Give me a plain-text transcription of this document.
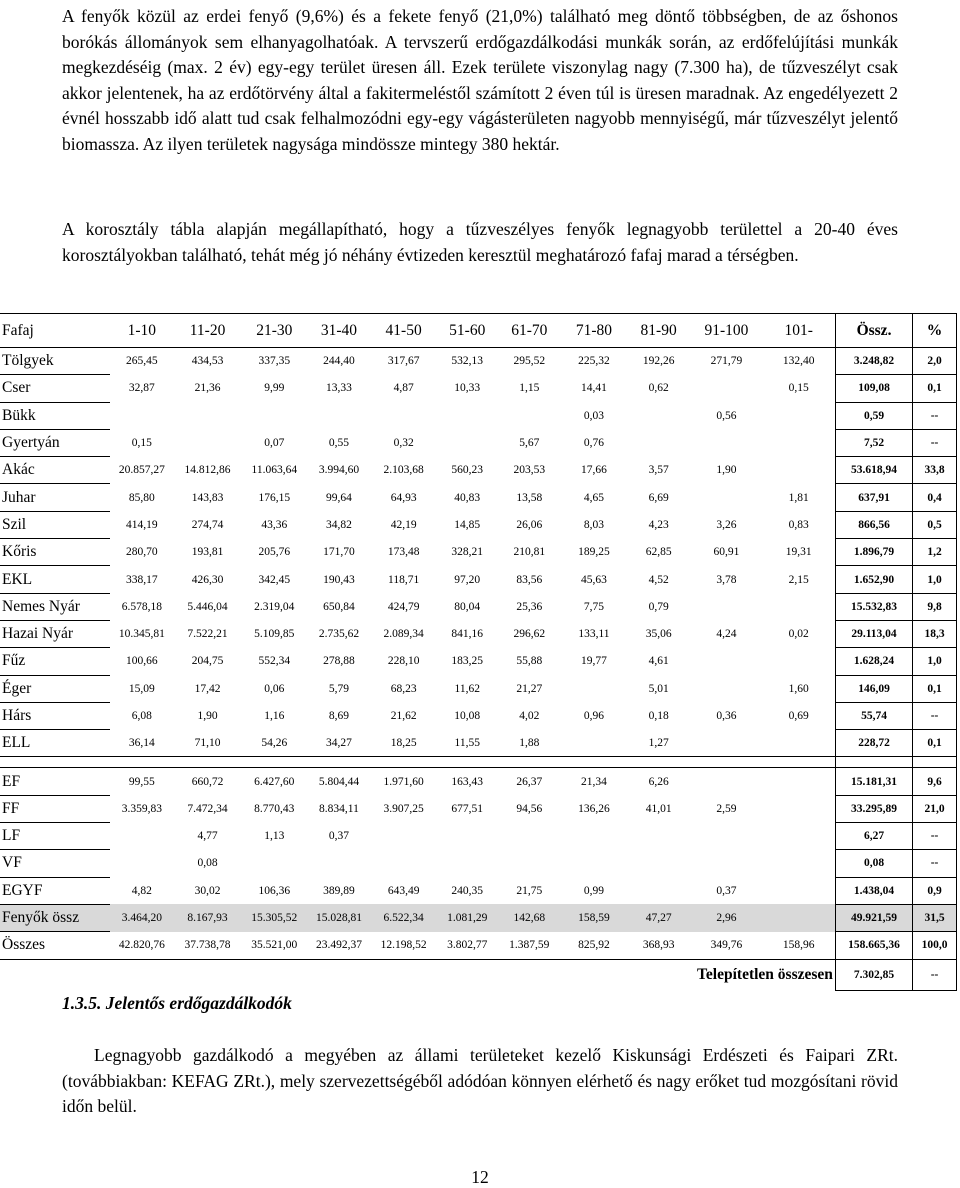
A fenyők közül az erdei fenyő (9,6%) és a fekete fenyő (21,0%) található meg döntő többségben, de az őshonos borókás állományok sem elhanyagolhatóak. A tervszerű erdőgazdálkodási munkák során, az erdőfelújítási munkák megkezdéséig (max. 2 év) egy-egy terület üresen áll. Ezek területe viszonylag nagy (7.300 ha), de tűzveszélyt csak akkor jelentenek, ha az erdőtörvény által a fakitermeléstől számított 2 éven túl is üresen maradnak. Az engedélyezett 2 évnél hosszabb idő alatt tud csak felhalmozódni egy-egy vágásterületen nagyobb mennyiségű, már tűzveszélyt jelentő biomassza. Az ilyen területek nagysága mindössze mintegy 380 hektár.
A korosztály tábla alapján megállapítható, hogy a tűzveszélyes fenyők legnagyobb területtel a 20-40 éves korosztályokban található, tehát még jó néhány évtizeden keresztül meghatározó fafaj marad a térségben.
Fafaj	1-10	11-20	21-30	31-40	41-50	51-60	61-70	71-80	81-90	91-100	101-	Össz.	%
Tölgyek	265,45	434,53	337,35	244,40	317,67	532,13	295,52	225,32	192,26	271,79	132,40	3.248,82	2,0
Cser	32,87	21,36	9,99	13,33	4,87	10,33	1,15	14,41	0,62		0,15	109,08	0,1
Bükk								0,03		0,56		0,59	--
Gyertyán	0,15		0,07	0,55	0,32		5,67	0,76				7,52	--
Akác	20.857,27	14.812,86	11.063,64	3.994,60	2.103,68	560,23	203,53	17,66	3,57	1,90		53.618,94	33,8
Juhar	85,80	143,83	176,15	99,64	64,93	40,83	13,58	4,65	6,69		1,81	637,91	0,4
Szil	414,19	274,74	43,36	34,82	42,19	14,85	26,06	8,03	4,23	3,26	0,83	866,56	0,5
Kőris	280,70	193,81	205,76	171,70	173,48	328,21	210,81	189,25	62,85	60,91	19,31	1.896,79	1,2
EKL	338,17	426,30	342,45	190,43	118,71	97,20	83,56	45,63	4,52	3,78	2,15	1.652,90	1,0
Nemes Nyár	6.578,18	5.446,04	2.319,04	650,84	424,79	80,04	25,36	7,75	0,79			15.532,83	9,8
Hazai Nyár	10.345,81	7.522,21	5.109,85	2.735,62	2.089,34	841,16	296,62	133,11	35,06	4,24	0,02	29.113,04	18,3
Fűz	100,66	204,75	552,34	278,88	228,10	183,25	55,88	19,77	4,61			1.628,24	1,0
Éger	15,09	17,42	0,06	5,79	68,23	11,62	21,27		5,01		1,60	146,09	0,1
Hárs	6,08	1,90	1,16	8,69	21,62	10,08	4,02	0,96	0,18	0,36	0,69	55,74	--
ELL	36,14	71,10	54,26	34,27	18,25	11,55	1,88		1,27			228,72	0,1

EF	99,55	660,72	6.427,60	5.804,44	1.971,60	163,43	26,37	21,34	6,26			15.181,31	9,6
FF	3.359,83	7.472,34	8.770,43	8.834,11	3.907,25	677,51	94,56	136,26	41,01	2,59		33.295,89	21,0
LF		4,77	1,13	0,37								6,27	--
VF		0,08										0,08	--
EGYF	4,82	30,02	106,36	389,89	643,49	240,35	21,75	0,99		0,37		1.438,04	0,9
Fenyők össz	3.464,20	8.167,93	15.305,52	15.028,81	6.522,34	1.081,29	142,68	158,59	47,27	2,96		49.921,59	31,5
Összes	42.820,76	37.738,78	35.521,00	23.492,37	12.198,52	3.802,77	1.387,59	825,92	368,93	349,76	158,96	158.665,36	100,0
Telepítetlen összesen												7.302,85	--
1.3.5. Jelentős erdőgazdálkodók
Legnagyobb gazdálkodó a megyében az állami területeket kezelő Kiskunsági Erdészeti és Faipari ZRt. (továbbiakban: KEFAG ZRt.), mely szervezettségéből adódóan könnyen elérhető és nagy erőket tud mozgósítani rövid időn belül.
12
